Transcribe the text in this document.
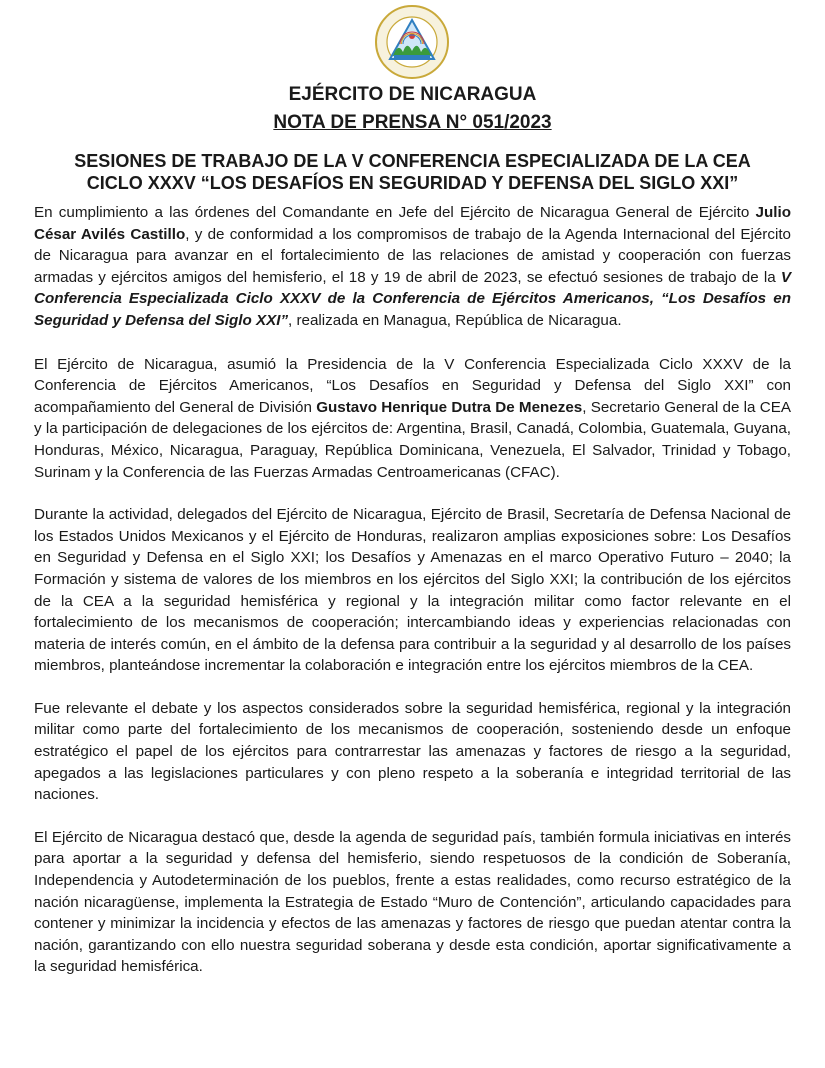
EJÉRCITO DE NICARAGUA
NOTA DE PRENSA N° 051/2023
SESIONES DE TRABAJO DE LA V CONFERENCIA ESPECIALIZADA DE LA CEA
CICLO XXXV “LOS DESAFÍOS EN SEGURIDAD Y DEFENSA DEL SIGLO XXI”

En cumplimiento a las órdenes del Comandante en Jefe del Ejército de Nicaragua General de Ejército Julio César Avilés Castillo, y de conformidad a los compromisos de trabajo de la Agenda Internacional del Ejército de Nicaragua para avanzar en el fortalecimiento de las relaciones de amistad y cooperación con fuerzas armadas y ejércitos amigos del hemisferio, el 18 y 19 de abril de 2023, se efectuó sesiones de trabajo de la V Conferencia Especializada Ciclo XXXV de la Conferencia de Ejércitos Americanos, “Los Desafíos en Seguridad y Defensa del Siglo XXI”, realizada en Managua, República de Nicaragua.

El Ejército de Nicaragua, asumió la Presidencia de la V Conferencia Especializada Ciclo XXXV de la Conferencia de Ejércitos Americanos, “Los Desafíos en Seguridad y Defensa del Siglo XXI” con acompañamiento del General de División Gustavo Henrique Dutra De Menezes, Secretario General de la CEA y la participación de delegaciones de los ejércitos de: Argentina, Brasil, Canadá, Colombia, Guatemala, Guyana, Honduras, México, Nicaragua, Paraguay, República Dominicana, Venezuela, El Salvador, Trinidad y Tobago, Surinam y la Conferencia de las Fuerzas Armadas Centroamericanas (CFAC).

Durante la actividad, delegados del Ejército de Nicaragua, Ejército de Brasil, Secretaría de Defensa Nacional de los Estados Unidos Mexicanos y el Ejército de Honduras, realizaron amplias exposiciones sobre: Los Desafíos en Seguridad y Defensa en el Siglo XXI; los Desafíos y Amenazas en el marco Operativo Futuro – 2040; la Formación y sistema de valores de los miembros en los ejércitos del Siglo XXI; la contribución de los ejércitos de la CEA a la seguridad hemisférica y regional y la integración militar como factor relevante en el fortalecimiento de los mecanismos de cooperación; intercambiando ideas y experiencias relacionadas con materia de interés común, en el ámbito de la defensa para contribuir a la seguridad y al desarrollo de los países miembros, planteándose incrementar la colaboración e integración entre los ejércitos miembros de la CEA.

Fue relevante el debate y los aspectos considerados sobre la seguridad hemisférica, regional y la integración militar como parte del fortalecimiento de los mecanismos de cooperación, sosteniendo desde un enfoque estratégico el papel de los ejércitos para contrarrestar las amenazas y factores de riesgo a la seguridad, apegados a las legislaciones particulares y con pleno respeto a la soberanía e integridad territorial de las naciones.

El Ejército de Nicaragua destacó que, desde la agenda de seguridad país, también formula iniciativas en interés para aportar a la seguridad y defensa del hemisferio, siendo respetuosos de la condición de Soberanía, Independencia y Autodeterminación de los pueblos, frente a estas realidades, como recurso estratégico de la nación nicaragüense, implementa la Estrategia de Estado “Muro de Contención”, articulando capacidades para contener y minimizar la incidencia y efectos de las amenazas y factores de riesgo que puedan atentar contra la nación, garantizando con ello nuestra seguridad soberana y desde esta condición, aportar significativamente a la seguridad hemisférica.
